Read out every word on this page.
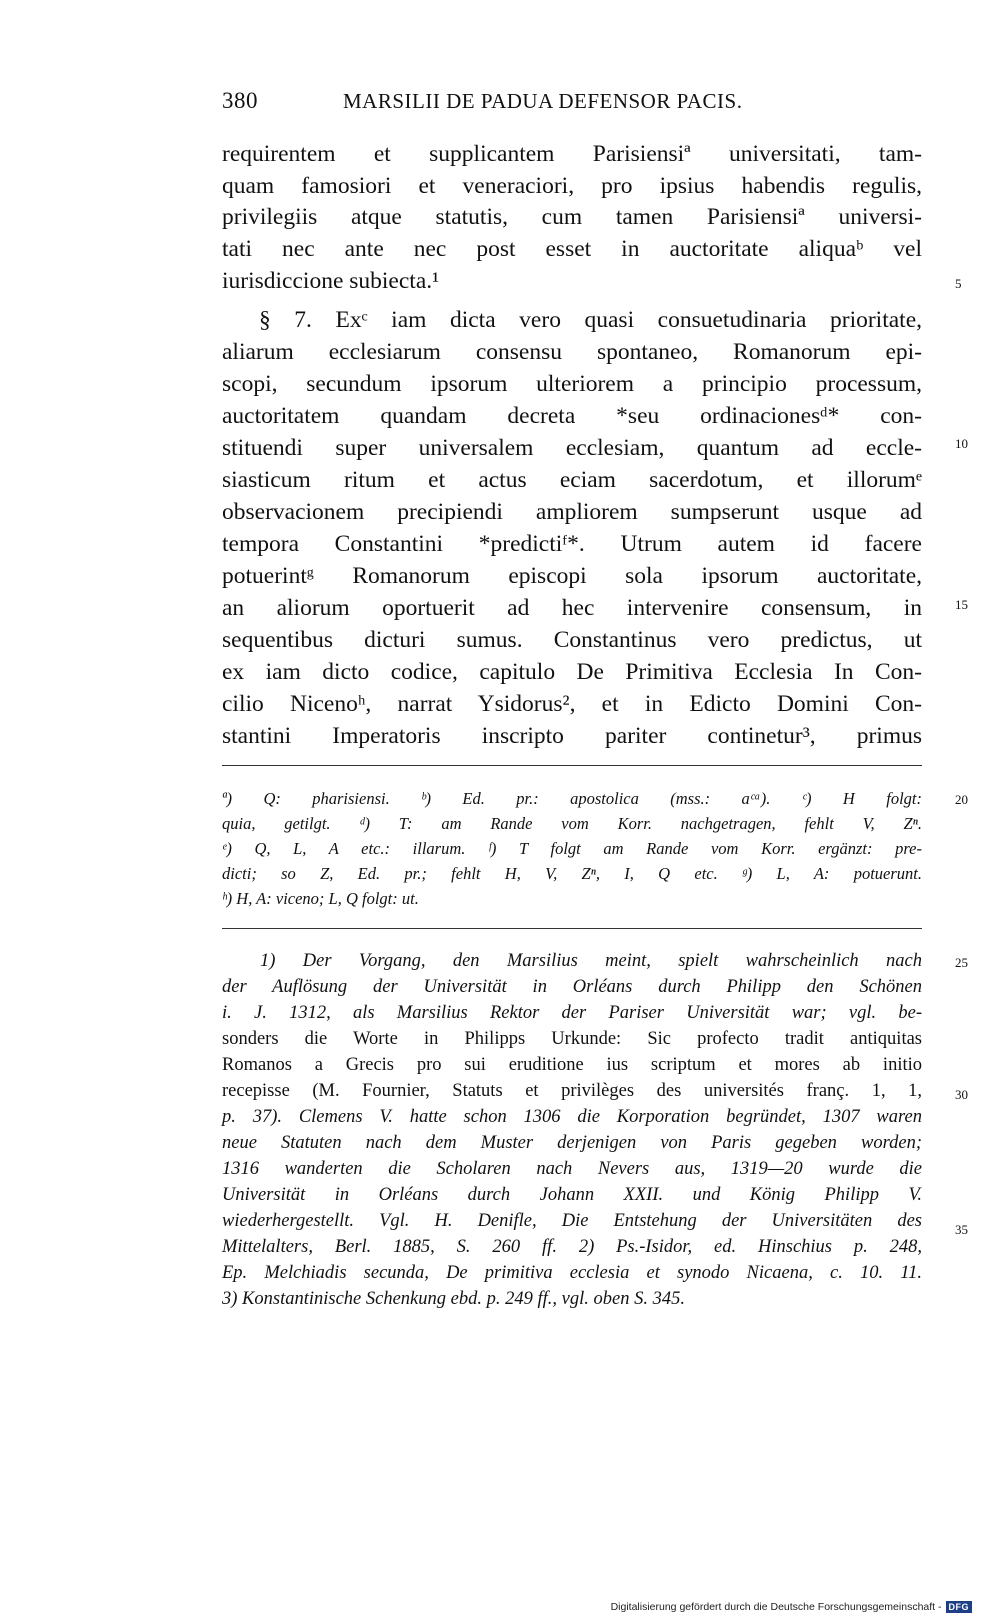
380	MARSILII DE PADUA DEFENSOR PACIS.
requirentem et supplicantem Parisiensiª universitati, tam-
quam famosiori et veneraciori, pro ipsius habendis regulis,
privilegiis atque statutis, cum tamen Parisiensiª universi-
tati nec ante nec post esset in auctoritate aliquaᵇ vel
iurisdiccione subiecta.¹
§ 7. Exᶜ iam dicta vero quasi consuetudinaria prioritate,
aliarum ecclesiarum consensu spontaneo, Romanorum epi-
scopi, secundum ipsorum ulteriorem a principio processum,
auctoritatem quandam decreta *seu ordinacionesᵈ* con-
stituendi super universalem ecclesiam, quantum ad eccle-
siasticum ritum et actus eciam sacerdotum, et illorumᵉ
observacionem precipiendi ampliorem sumpserunt usque ad
tempora Constantini *predictiᶠ*. Utrum autem id facere
potuerintᵍ Romanorum episcopi sola ipsorum auctoritate,
an aliorum oportuerit ad hec intervenire consensum, in
sequentibus dicturi sumus. Constantinus vero predictus, ut
ex iam dicto codice, capitulo De Primitiva Ecclesia In Con-
cilio Nicenoʰ, narrat Ysidorus², et in Edicto Domini Con-
stantini Imperatoris inscripto pariter continetur³, primus
5
10
15
20
25
30
35
ª) Q: pharisiensi. ᵇ) Ed. pr.: apostolica (mss.: aᶜᵃ). ᶜ) H folgt:
quia, getilgt. ᵈ) T: am Rande vom Korr. nachgetragen, fehlt V, Zⁿ.
ᵉ) Q, L, A etc.: illarum. ᶠ) T folgt am Rande vom Korr. ergänzt: pre-
dicti; so Z, Ed. pr.; fehlt H, V, Zⁿ, I, Q etc. ᵍ) L, A: potuerunt.
ʰ) H, A: viceno; L, Q folgt: ut.
1) Der Vorgang, den Marsilius meint, spielt wahrscheinlich nach
der Auflösung der Universität in Orléans durch Philipp den Schönen
i. J. 1312, als Marsilius Rektor der Pariser Universität war; vgl. be-
sonders die Worte in Philipps Urkunde: Sic profecto tradit antiquitas
Romanos a Grecis pro sui eruditione ius scriptum et mores ab initio
recepisse (M. Fournier, Statuts et privilèges des universités franç. 1, 1,
p. 37). Clemens V. hatte schon 1306 die Korporation begründet, 1307 waren
neue Statuten nach dem Muster derjenigen von Paris gegeben worden;
1316 wanderten die Scholaren nach Nevers aus, 1319—20 wurde die
Universität in Orléans durch Johann XXII. und König Philipp V.
wiederhergestellt. Vgl. H. Denifle, Die Entstehung der Universitäten des
Mittelalters, Berl. 1885, S. 260 ff. 2) Ps.-Isidor, ed. Hinschius p. 248,
Ep. Melchiadis secunda, De primitiva ecclesia et synodo Nicaena, c. 10. 11.
3) Konstantinische Schenkung ebd. p. 249 ff., vgl. oben S. 345.
Digitalisierung gefördert durch die Deutsche Forschungsgemeinschaft - DFG
